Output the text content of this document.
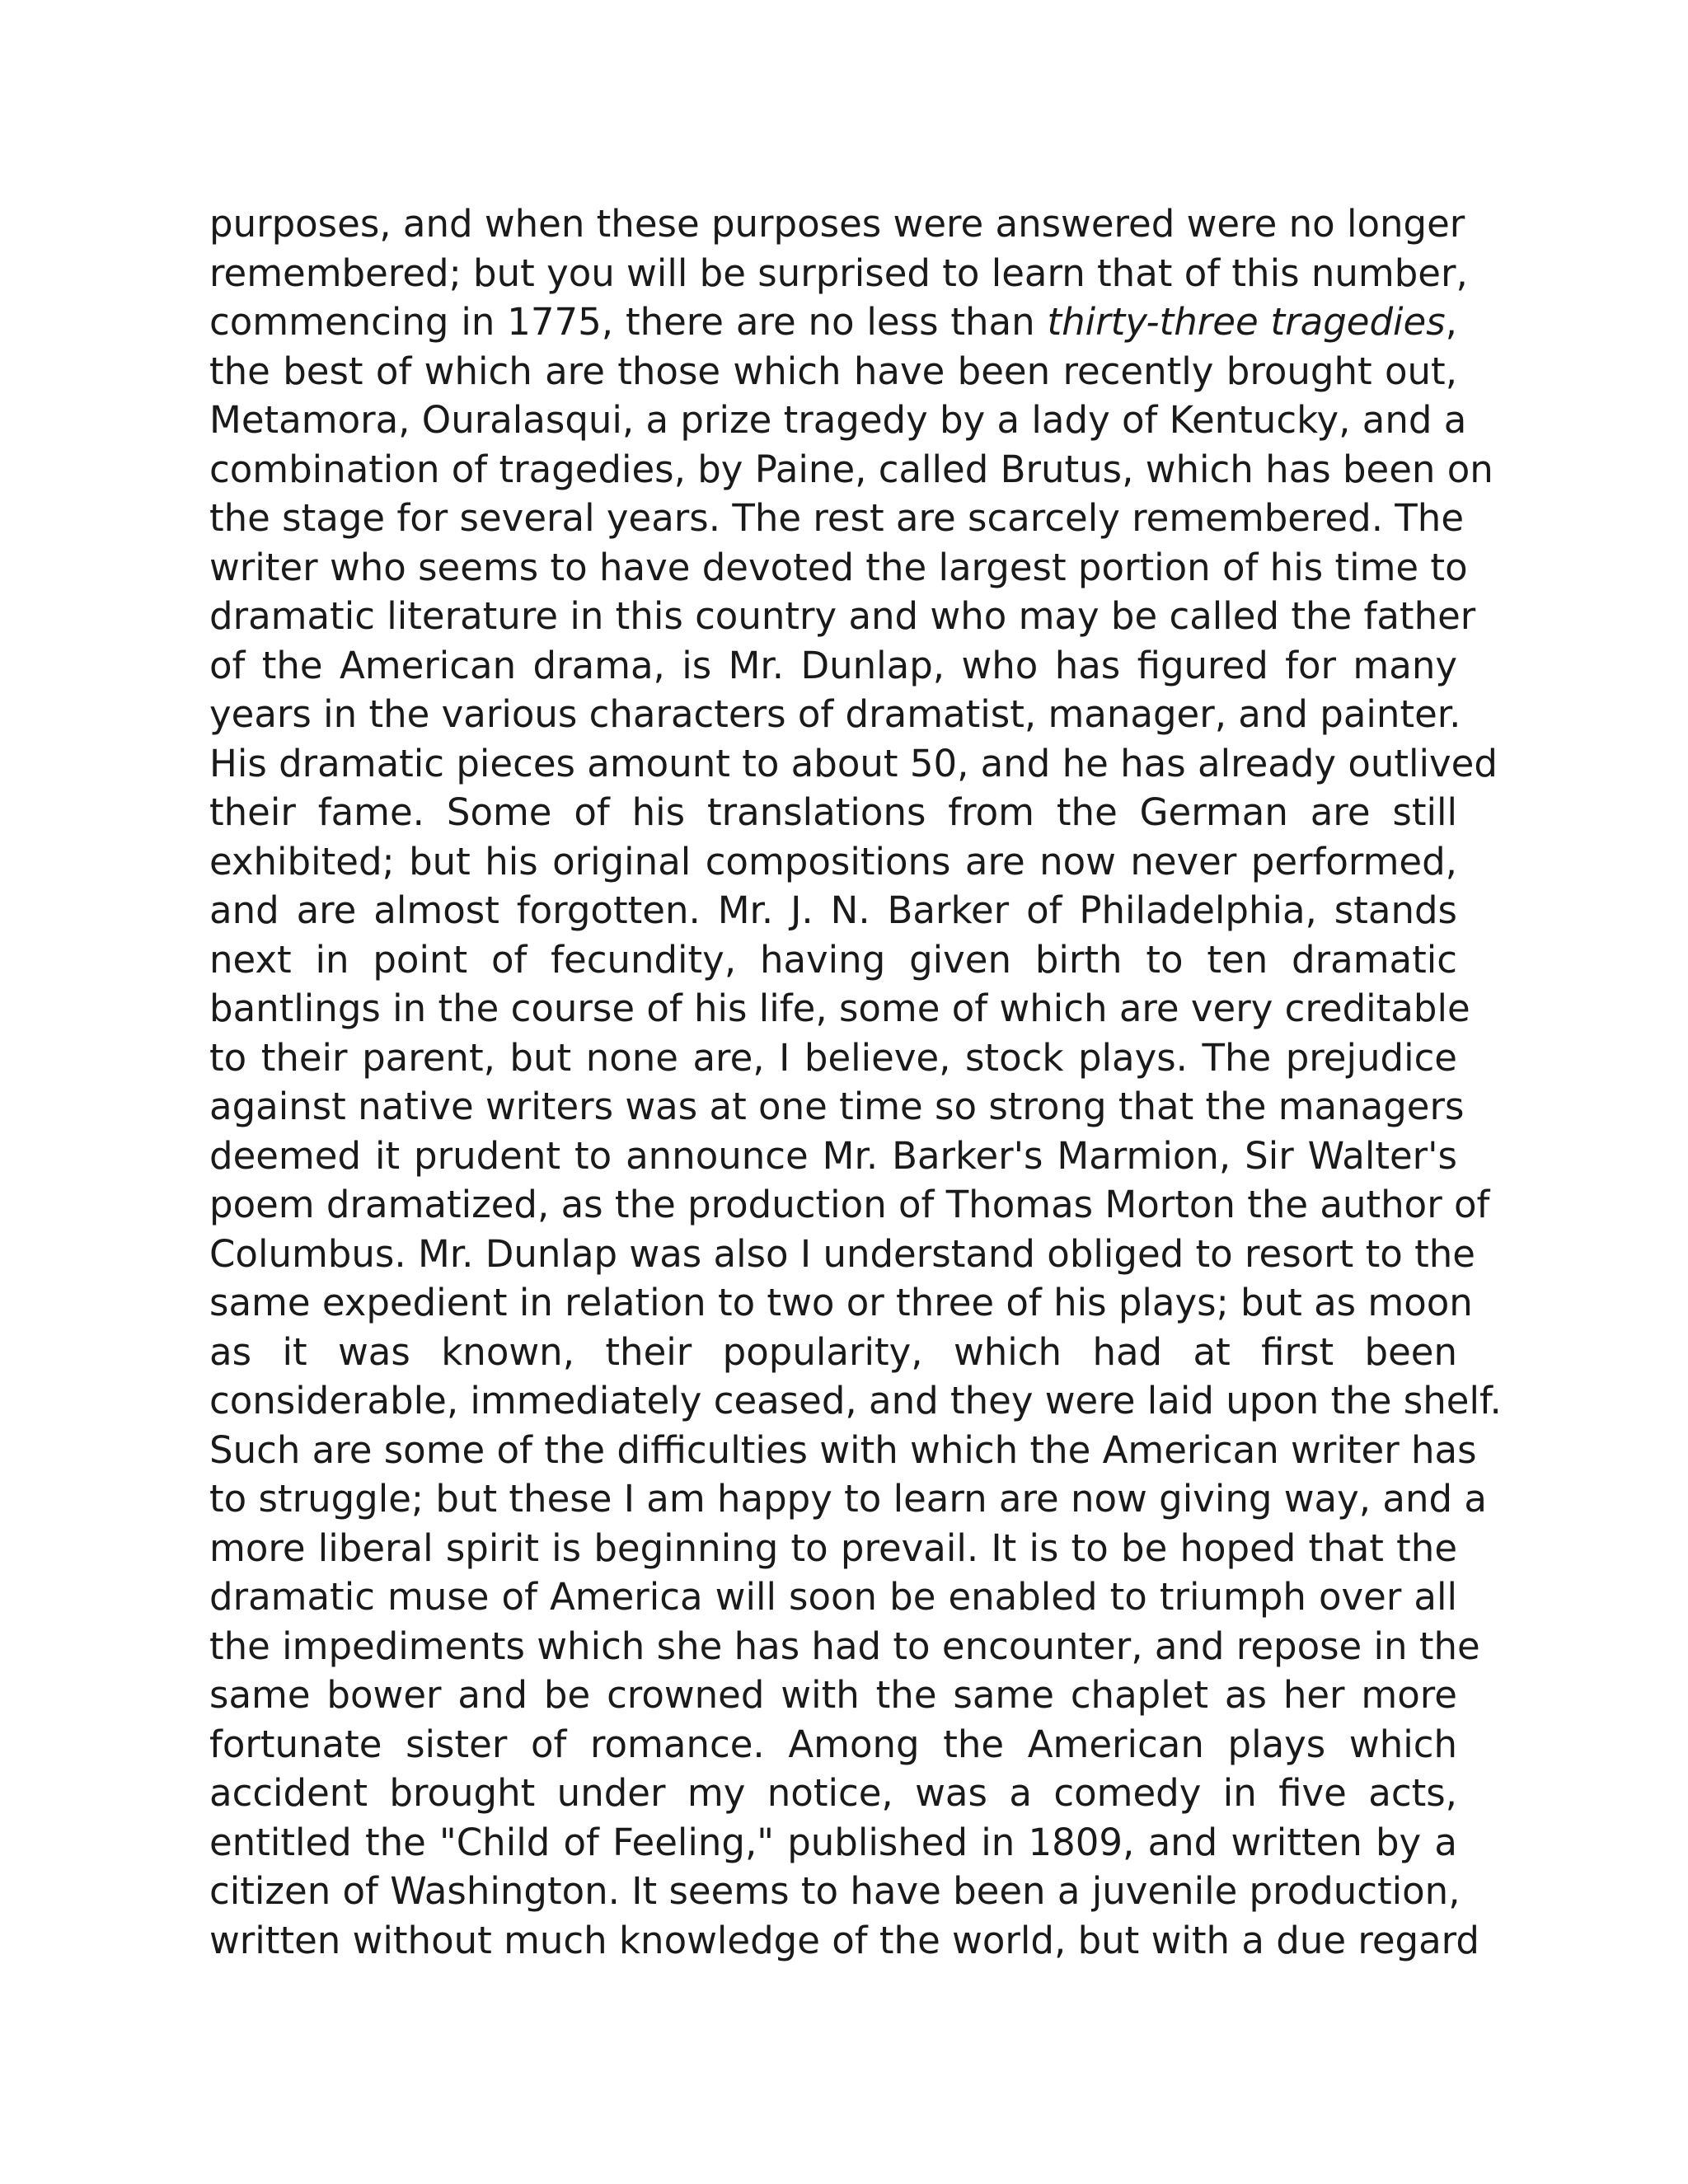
purposes, and when these purposes were answered were no longer
remembered; but you will be surprised to learn that of this number,
commencing in 1775, there are no less than thirty-three tragedies,
the best of which are those which have been recently brought out,
Metamora, Ouralasqui, a prize tragedy by a lady of Kentucky, and a
combination of tragedies, by Paine, called Brutus, which has been on
the stage for several years. The rest are scarcely remembered. The
writer who seems to have devoted the largest portion of his time to
dramatic literature in this country and who may be called the father
of the American drama, is Mr. Dunlap, who has figured for many
years in the various characters of dramatist, manager, and painter.
His dramatic pieces amount to about 50, and he has already outlived
their fame. Some of his translations from the German are still
exhibited; but his original compositions are now never performed,
and are almost forgotten. Mr. J. N. Barker of Philadelphia, stands
next in point of fecundity, having given birth to ten dramatic
bantlings in the course of his life, some of which are very creditable
to their parent, but none are, I believe, stock plays. The prejudice
against native writers was at one time so strong that the managers
deemed it prudent to announce Mr. Barker's Marmion, Sir Walter's
poem dramatized, as the production of Thomas Morton the author of
Columbus. Mr. Dunlap was also I understand obliged to resort to the
same expedient in relation to two or three of his plays; but as moon
as it was known, their popularity, which had at first been
considerable, immediately ceased, and they were laid upon the shelf.
Such are some of the difficulties with which the American writer has
to struggle; but these I am happy to learn are now giving way, and a
more liberal spirit is beginning to prevail. It is to be hoped that the
dramatic muse of America will soon be enabled to triumph over all
the impediments which she has had to encounter, and repose in the
same bower and be crowned with the same chaplet as her more
fortunate sister of romance. Among the American plays which
accident brought under my notice, was a comedy in five acts,
entitled the "Child of Feeling," published in 1809, and written by a
citizen of Washington. It seems to have been a juvenile production,
written without much knowledge of the world, but with a due regard
